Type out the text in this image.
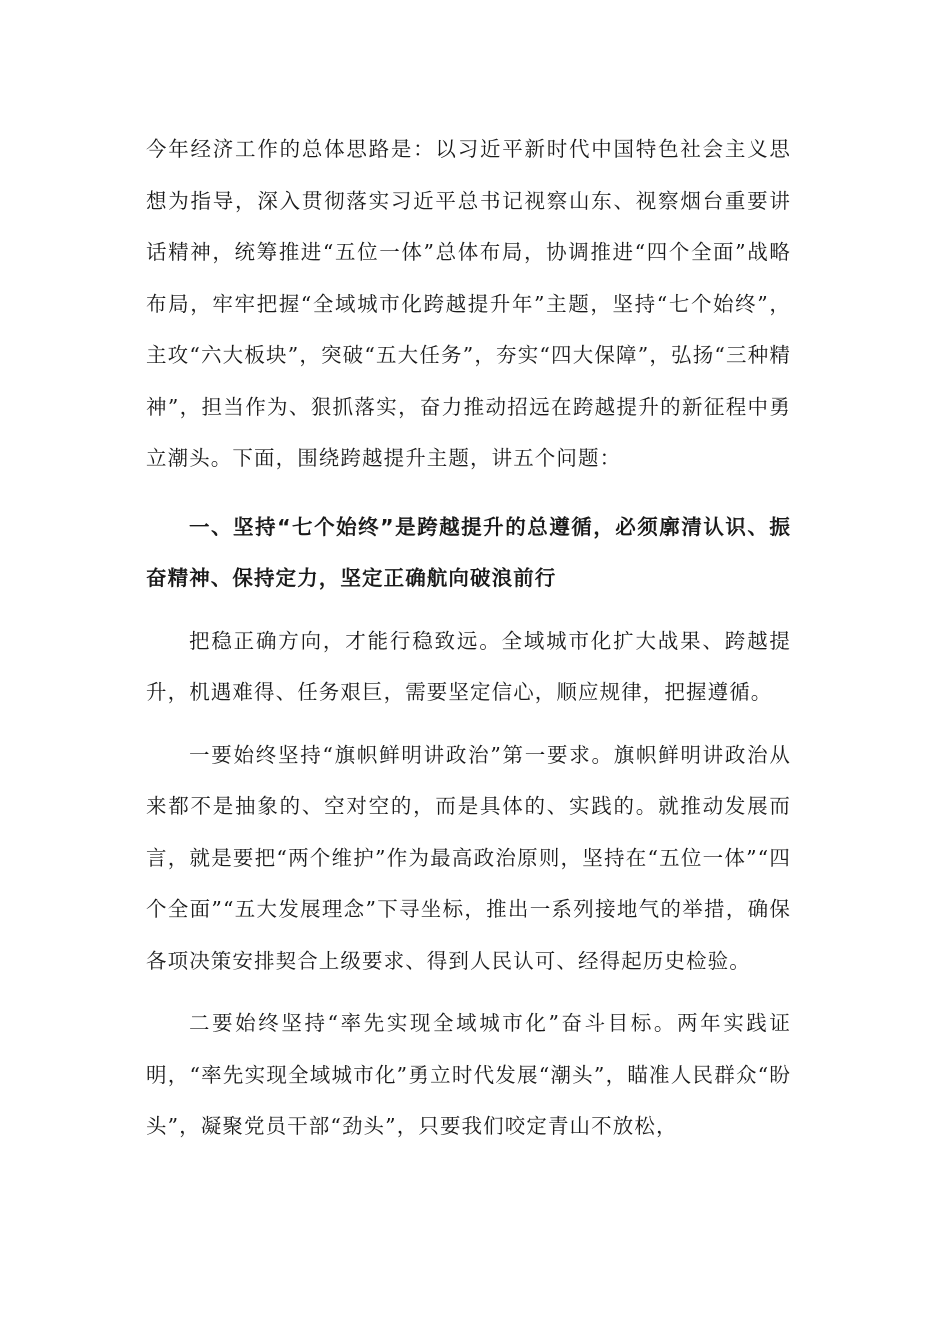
今年经济工作的总体思路是：以习近平新时代中国特色社会主义思想为指导，深入贯彻落实习近平总书记视察山东、视察烟台重要讲话精神，统筹推进“五位一体”总体布局，协调推进“四个全面”战略布局，牢牢把握“全域城市化跨越提升年”主题，坚持“七个始终”，主攻“六大板块”，突破“五大任务”，夯实“四大保障”，弘扬“三种精神”，担当作为、狠抓落实，奋力推动招远在跨越提升的新征程中勇立潮头。下面，围绕跨越提升主题，讲五个问题：

一、坚持“七个始终”是跨越提升的总遵循，必须廓清认识、振奋精神、保持定力，坚定正确航向破浪前行

把稳正确方向，才能行稳致远。全域城市化扩大战果、跨越提升，机遇难得、任务艰巨，需要坚定信心，顺应规律，把握遵循。

一要始终坚持“旗帜鲜明讲政治”第一要求。旗帜鲜明讲政治从来都不是抽象的、空对空的，而是具体的、实践的。就推动发展而言，就是要把“两个维护”作为最高政治原则，坚持在“五位一体”“四个全面”“五大发展理念”下寻坐标，推出一系列接地气的举措，确保各项决策安排契合上级要求、得到人民认可、经得起历史检验。

二要始终坚持“率先实现全域城市化”奋斗目标。两年实践证明，“率先实现全域城市化”勇立时代发展“潮头”，瞄准人民群众“盼头”，凝聚党员干部“劲头”，只要我们咬定青山不放松，
